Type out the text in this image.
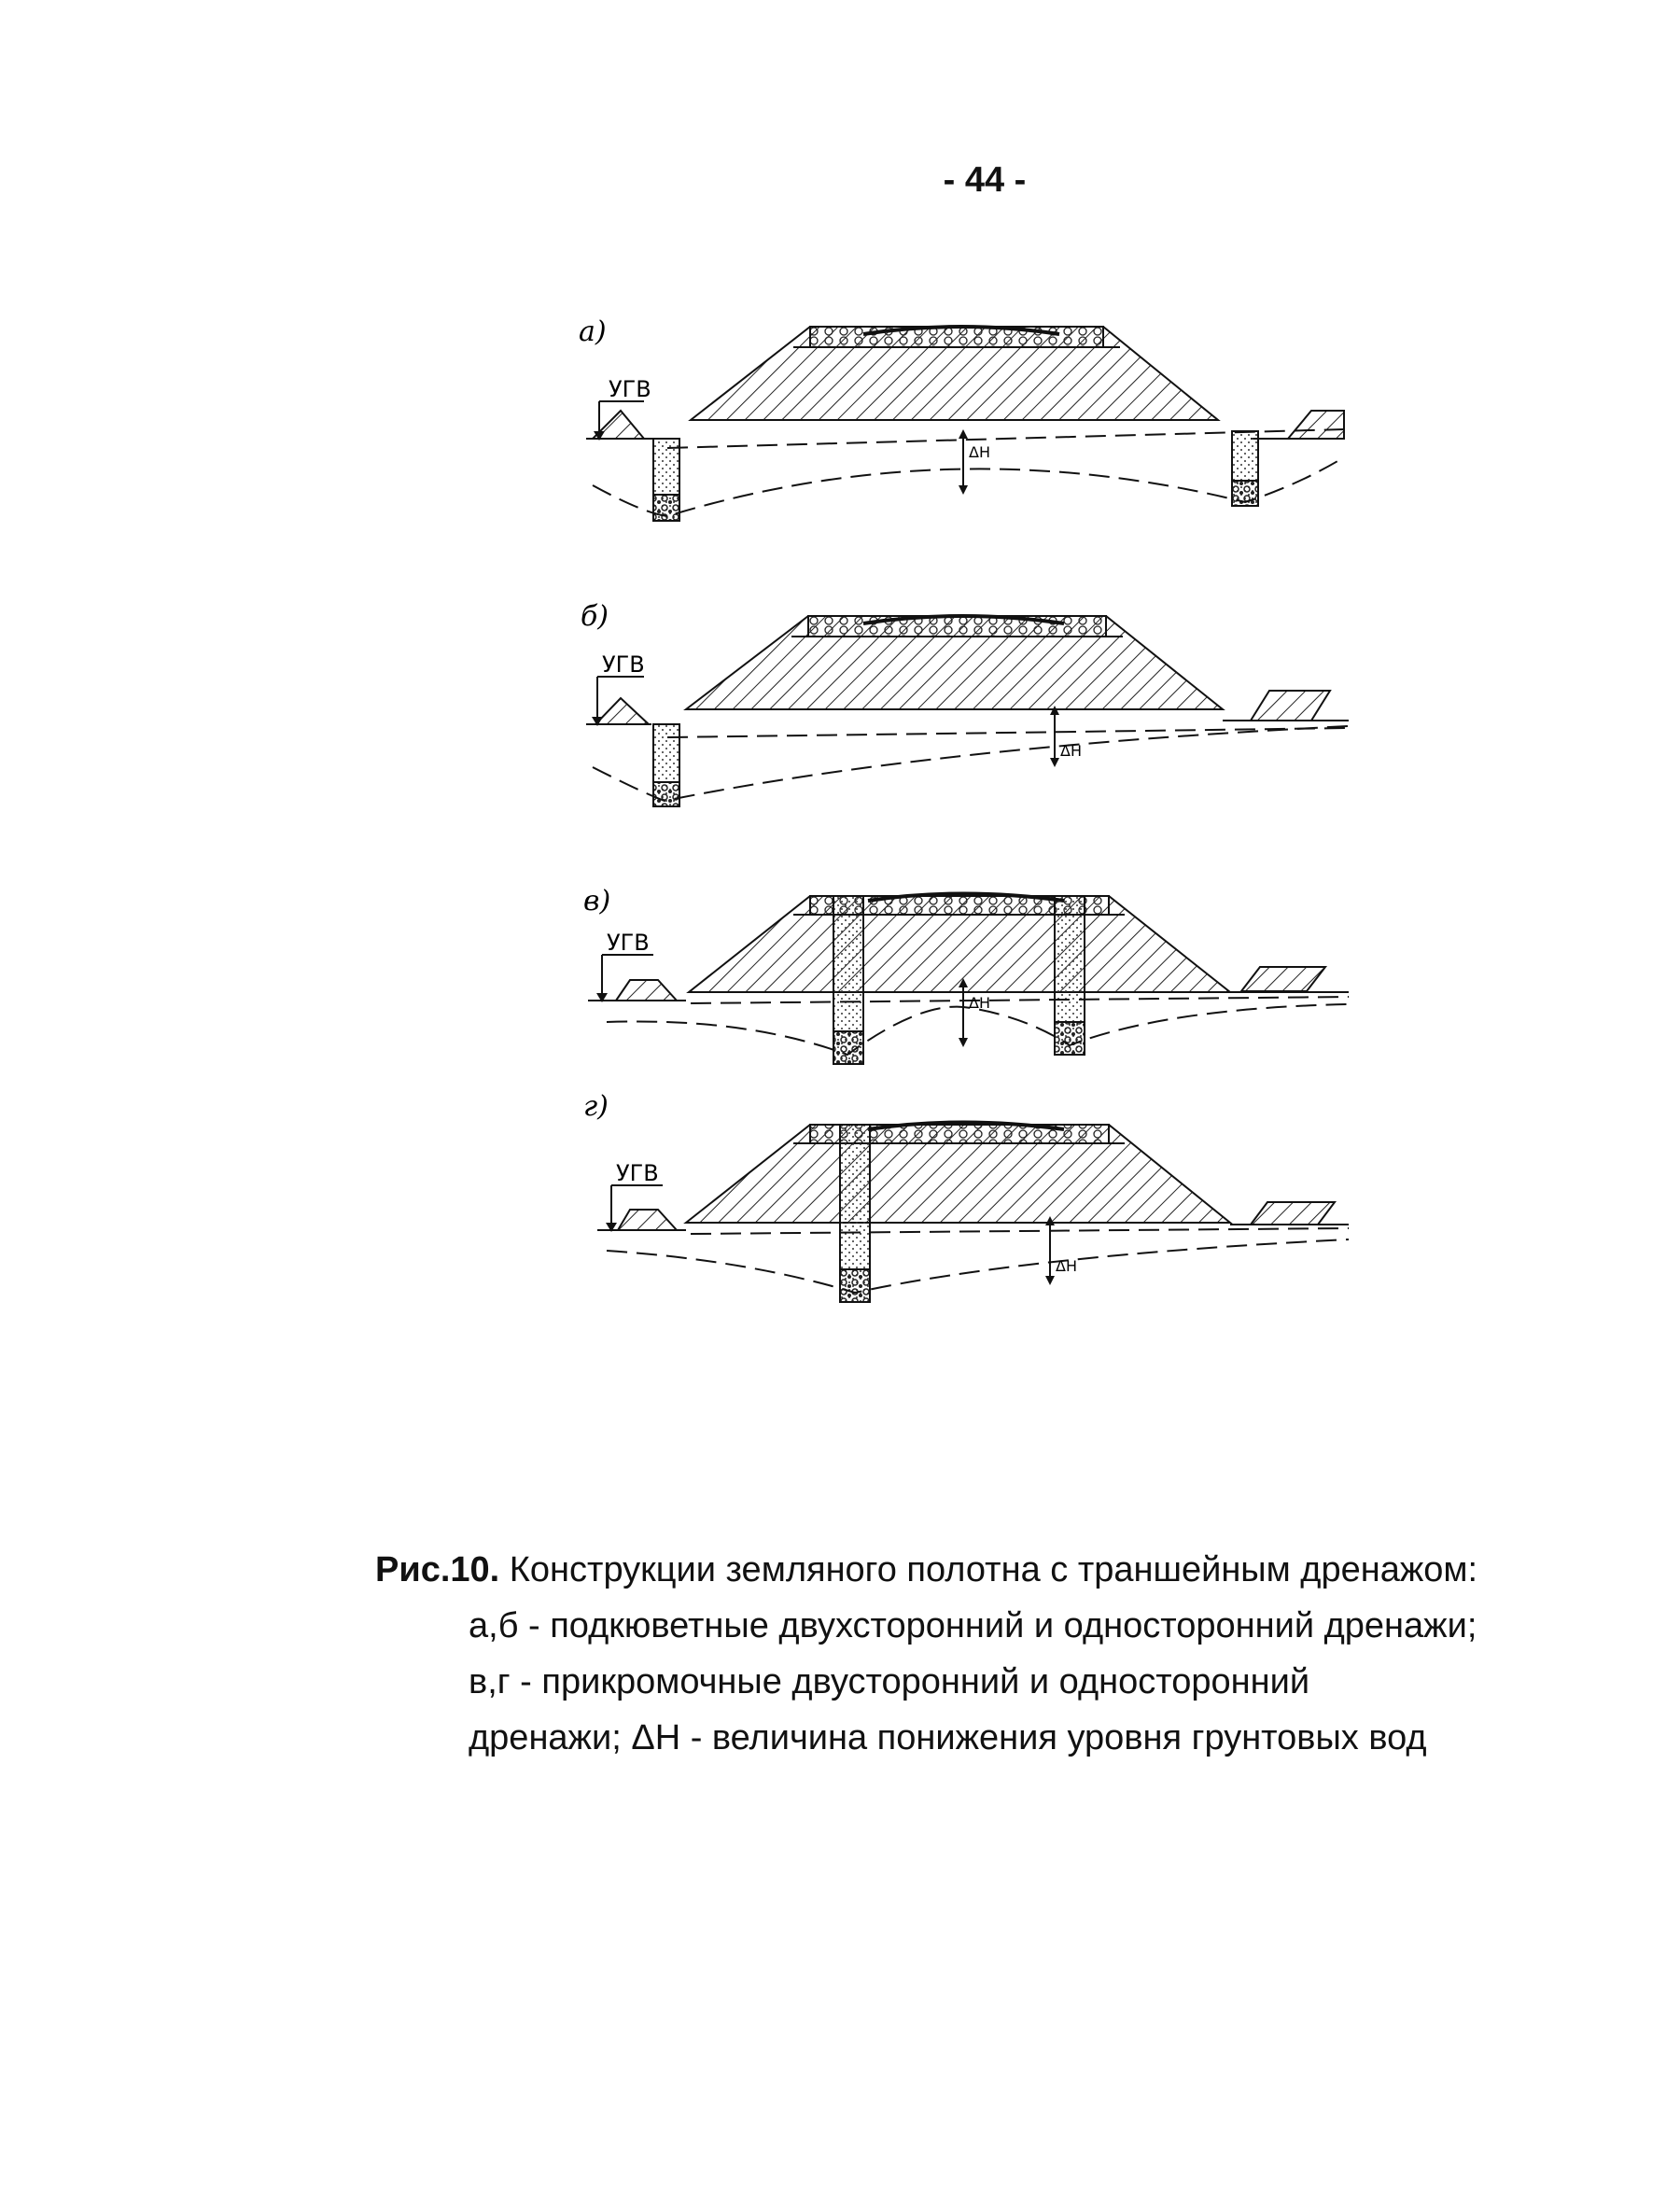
- 44 -
а)
УГВ
ΔH
б)
УГВ
ΔH
в)
УГВ
ΔH
г)
УГВ
ΔH
Рис.10. Конструкции земляного полотна с траншейным дренажом:
а,б - подкюветные двухсторонний и односторонний дренажи;
в,г - прикромочные двусторонний и односторонний
дренажи; ΔH - величина понижения уровня грунтовых вод
